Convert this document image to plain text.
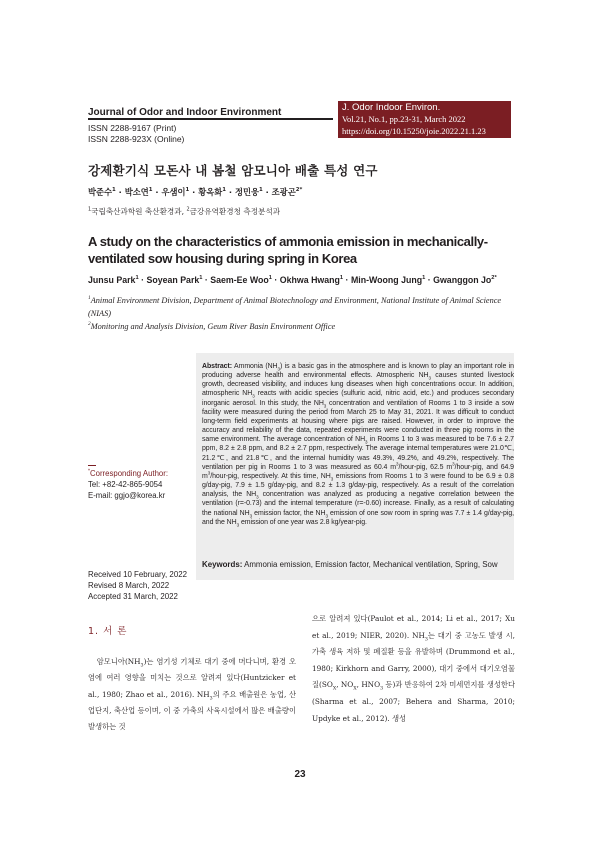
Journal of Odor and Indoor Environment
ISSN 2288-9167 (Print)
ISSN 2288-923X (Online)
J. Odor Indoor Environ.
Vol.21, No.1, pp.23-31, March 2022
https://doi.org/10.15250/joie.2022.21.1.23
강제환기식 모돈사 내 봄철 암모니아 배출 특성 연구
박준수$^1$ · 박소연$^1$ · 우샘이$^1$ · 황옥화$^1$ · 정민웅$^1$ · 조광곤$^{2*}$
$^1$국립축산과학원 축산환경과, $^2$금강유역환경청 측정분석과
A study on the characteristics of ammonia emission in mechanically-ventilated sow housing during spring in Korea
Junsu Park$^1$ · Soyean Park$^1$ · Saem-Ee Woo$^1$ · Okhwa Hwang$^1$ · Min-Woong Jung$^1$ · Gwanggon $Jo^{2*}$
$^1$Animal Environment Division, Department of Animal Biotechnology and Environment, National Institute of Animal Science (NIAS)
$^2$Monitoring and Analysis Division, Geum River Basin Environment Office
*Corresponding Author:
Tel: +82-42-865-9054
E-mail: ggjo@korea.kr
Received 10 February, 2022
Revised 8 March, 2022
Accepted 31 March, 2022
Abstract: Ammonia $(NH_3)$ is a basic gas in the atmosphere and is known to play an important role in producing adverse health and environmental effects. Atmospheric $NH_3$ causes stunted livestock growth, decreased visibility, and induces lung diseases when high concentrations occur. In addition, atmospheric $NH_3$ reacts with acidic species (sulfuric acid, nitric acid, etc.) and produces secondary inorganic aerosol. In this study, the $NH_3$ concentration and ventilation of Rooms 1 to 3 inside a sow facility were measured during the period from March 25 to May 31, 2021. It was difficult to conduct long-term field experiments at housing where pigs are raised. However, in order to improve the accuracy and reliability of the data, repeated experiments were conducted in three pig rooms in the same environment. The average concentration of $NH_3$ in Rooms 1 to 3 was measured to be 7.6 ± 2.7 ppm, 8.2 ± 2.8 ppm, and 8.2 ± 2.7 ppm, respectively. The average internal temperatures were 21.0℃, 21.2℃, and 21.8℃, and the internal humidity was 49.3%, 49.2%, and 49.2%, respectively. The ventilation per pig in Rooms 1 to 3 was measured as 60.4 $m^3/hour$-pig, 62.5 $m^3/hour$-pig, and 64.9 $m^3/hour$-pig, respectively. At this time, $NH_3$ emissions from Rooms 1 to 3 were found to be 6.9 ± 0.8 g/day-pig, 7.9 ± 1.5 g/day-pig, and 8.2 ± 1.3 g/day-pig, respectively. As a result of the correlation analysis, the $NH_3$ concentration was analyzed as producing a negative correlation between the ventilation (r=-0.73) and the internal temperature (r=-0.60) increase. Finally, as a result of calculating the national $NH_3$ emission factor, the $NH_3$ emission of one sow room in spring was 7.7 ± 1.4 g/day-pig, and the $NH_3$ emission of one year was 2.8 kg/year-pig.
Keywords: Ammonia emission, Emission factor, Mechanical ventilation, Spring, Sow
1. 서 론
암모니아$(NH_3)$는 염기성 기체로 대기 중에 머다니며, 환경 오염에 여러 영향을 미치는 것으로 알려져 있다(Huntzicker et al., 1980; Zhao et al., 2016). $NH_3$의 주요 배출원은 농업, 산업단지, 축산업 등이며, 이 중 가축의 사육시설에서 많은 배출량이 발생하는 것
으로 알려져 있다(Paulot et al., 2014; Li et al., 2017; Xu et al., 2019; NIER, 2020). $NH_3$는 대기 중 고농도 발생 시, 가축 생육 저하 및 폐질환 등을 유발하며 (Drummond et al., 1980; Kirkhorn and Garry, 2000), 대기 중에서 대기오염물질($SO_X$, $NO_X$, $HNO_3$ 등)과 반응하여 2차 미세먼지를 생성한다(Sharma et al., 2007; Behera and Sharma, 2010; Updyke et al., 2012). 생성
23
